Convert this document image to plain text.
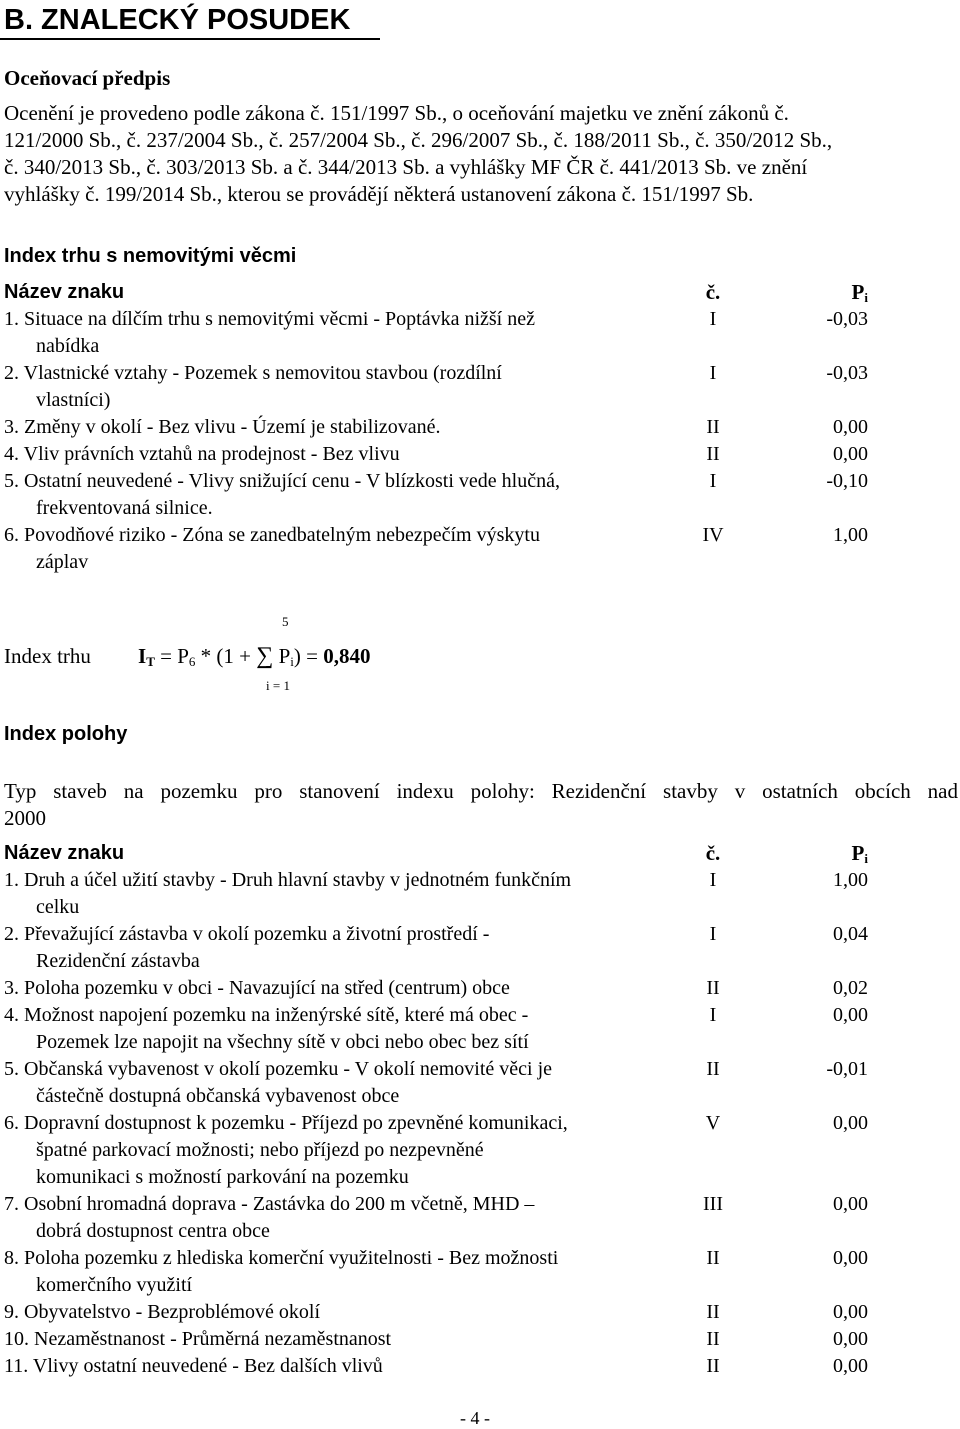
B. ZNALECKÝ POSUDEK
Oceňovací předpis
Ocenění je provedeno podle zákona č. 151/1997 Sb., o oceňování majetku ve znění zákonů č.
121/2000 Sb., č. 237/2004 Sb., č. 257/2004 Sb., č. 296/2007 Sb., č. 188/2011 Sb., č. 350/2012 Sb.,
č. 340/2013 Sb., č. 303/2013 Sb. a č. 344/2013 Sb. a vyhlášky MF ČR č. 441/2013 Sb. ve znění
vyhlášky č. 199/2014 Sb., kterou se provádějí některá ustanovení zákona č. 151/1997 Sb.
Index trhu s nemovitými věcmi
Název znaku	č.	$P_i$
1. Situace na dílčím trhu s nemovitými věcmi - Poptávka nižší než
nabídka
I	-0,03
2. Vlastnické vztahy - Pozemek s nemovitou stavbou (rozdílní
vlastníci)
I	-0,03
3. Změny v okolí - Bez vlivu - Území je stabilizované.	II	0,00
4. Vliv právních vztahů na prodejnost - Bez vlivu	II	0,00
5. Ostatní neuvedené - Vlivy snižující cenu - V blízkosti vede hlučná,
frekventovaná silnice.
I	-0,10
6. Povodňové riziko - Zóna se zanedbatelným nebezpečím výskytu
záplav
IV	1,00
Index trhu
5
i = 1
$I_T = P_6 * (1$ + ∑ $P_i) = 0,840$
Index polohy
Typ staveb na pozemku pro stanovení indexu polohy: Rezidenční stavby v ostatních obcích nad
2000
Název znaku	č.	$P_i$
1. Druh a účel užití stavby - Druh hlavní stavby v jednotném funkčním
celku
I	1,00
2. Převažující zástavba v okolí pozemku a životní prostředí -
Rezidenční zástavba
I	0,04
3. Poloha pozemku v obci - Navazující na střed (centrum) obce	II	0,02
4. Možnost napojení pozemku na inženýrské sítě, které má obec -
Pozemek lze napojit na všechny sítě v obci nebo obec bez sítí
I	0,00
5. Občanská vybavenost v okolí pozemku - V okolí nemovité věci je
částečně dostupná občanská vybavenost obce
II	-0,01
6. Dopravní dostupnost k pozemku - Příjezd po zpevněné komunikaci,
špatné parkovací možnosti; nebo příjezd po nezpevněné
komunikaci s možností parkování na pozemku
V	0,00
7. Osobní hromadná doprava - Zastávka do 200 m včetně, MHD –
dobrá dostupnost centra obce
III	0,00
8. Poloha pozemku z hlediska komerční využitelnosti - Bez možnosti
komerčního využití
II	0,00
9. Obyvatelstvo - Bezproblémové okolí	II	0,00
10. Nezaměstnanost - Průměrná nezaměstnanost	II	0,00
11. Vlivy ostatní neuvedené - Bez dalších vlivů	II	0,00
- 4 -
